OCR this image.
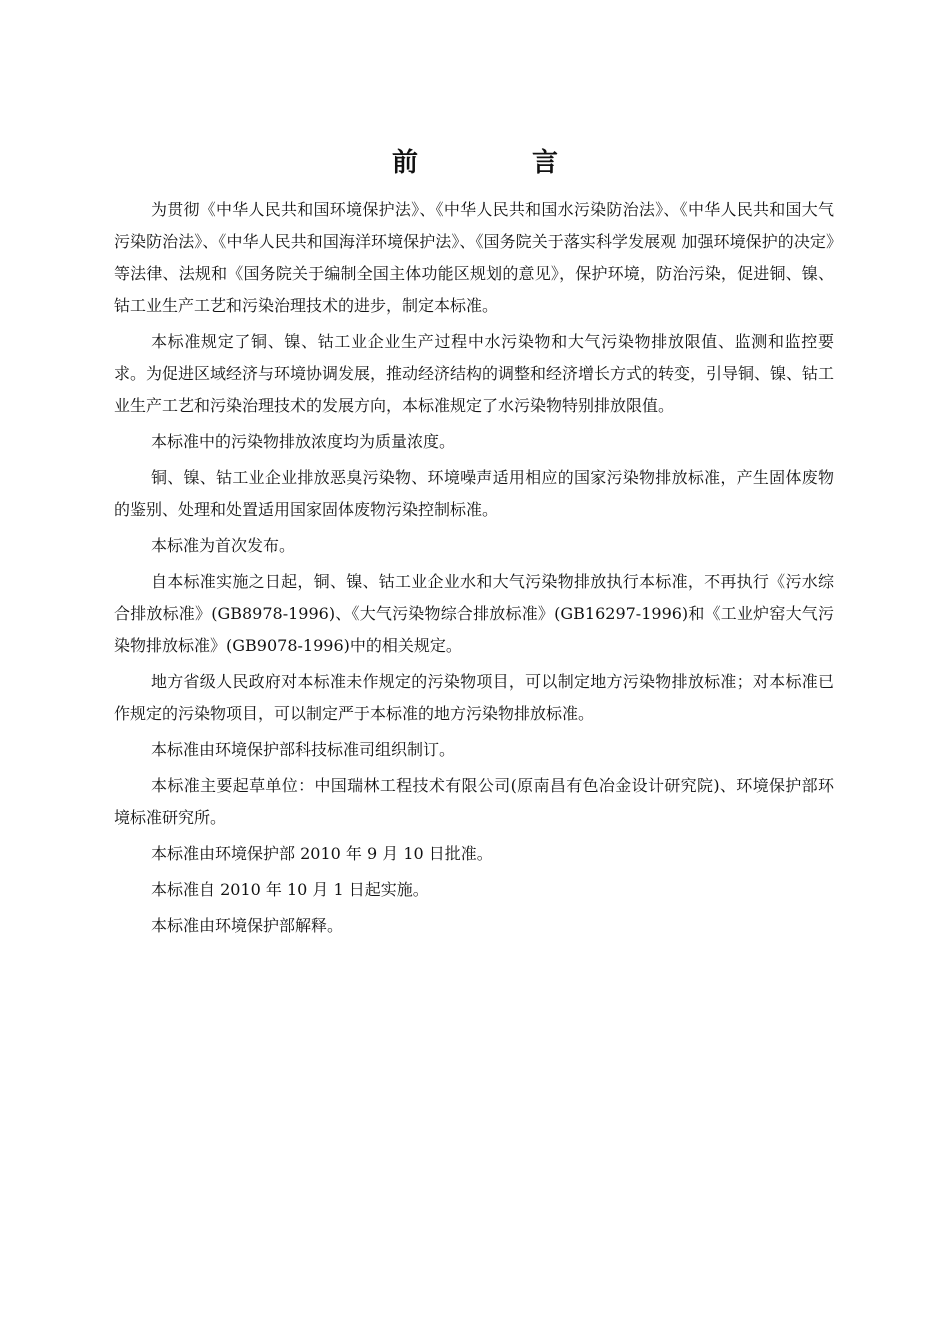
前　言

为贯彻《中华人民共和国环境保护法》、《中华人民共和国水污染防治法》、《中华人民共和国大气污染防治法》、《中华人民共和国海洋环境保护法》、《国务院关于落实科学发展观 加强环境保护的决定》等法律、法规和《国务院关于编制全国主体功能区规划的意见》，保护环境，防治污染，促进铜、镍、钴工业生产工艺和污染治理技术的进步，制定本标准。

本标准规定了铜、镍、钴工业企业生产过程中水污染物和大气污染物排放限值、监测和监控要求。为促进区域经济与环境协调发展，推动经济结构的调整和经济增长方式的转变，引导铜、镍、钴工业生产工艺和污染治理技术的发展方向，本标准规定了水污染物特别排放限值。

本标准中的污染物排放浓度均为质量浓度。

铜、镍、钴工业企业排放恶臭污染物、环境噪声适用相应的国家污染物排放标准，产生固体废物的鉴别、处理和处置适用国家固体废物污染控制标准。

本标准为首次发布。

自本标准实施之日起，铜、镍、钴工业企业水和大气污染物排放执行本标准，不再执行《污水综合排放标准》(GB8978-1996)、《大气污染物综合排放标准》(GB16297-1996)和《工业炉窑大气污染物排放标准》(GB9078-1996)中的相关规定。

地方省级人民政府对本标准未作规定的污染物项目，可以制定地方污染物排放标准；对本标准已作规定的污染物项目，可以制定严于本标准的地方污染物排放标准。

本标准由环境保护部科技标准司组织制订。

本标准主要起草单位：中国瑞林工程技术有限公司(原南昌有色冶金设计研究院)、环境保护部环境标准研究所。

本标准由环境保护部 2010 年 9 月 10 日批准。

本标准自 2010 年 10 月 1 日起实施。

本标准由环境保护部解释。
